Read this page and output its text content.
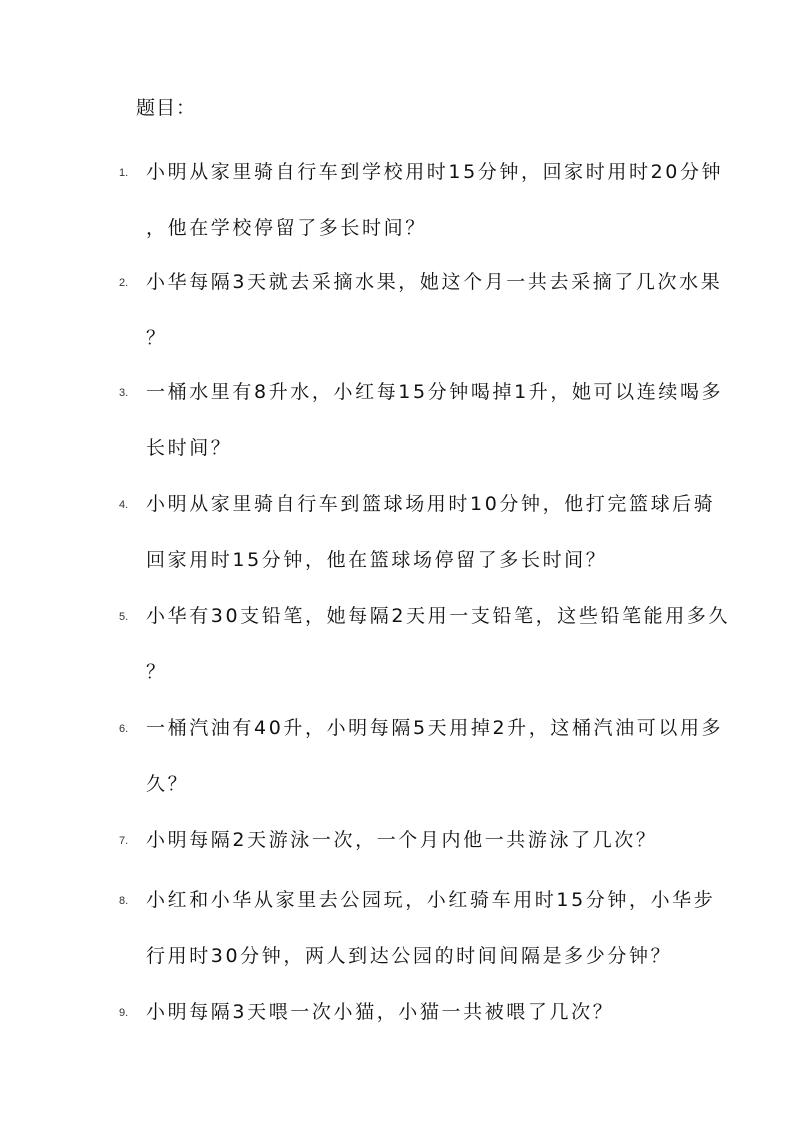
题目：
1. 小明从家里骑自行车到学校用时15分钟，回家时用时20分钟
，他在学校停留了多长时间？
2. 小华每隔3天就去采摘水果，她这个月一共去采摘了几次水果
？
3. 一桶水里有8升水，小红每15分钟喝掉1升，她可以连续喝多
长时间？
4. 小明从家里骑自行车到篮球场用时10分钟，他打完篮球后骑
回家用时15分钟，他在篮球场停留了多长时间？
5. 小华有30支铅笔，她每隔2天用一支铅笔，这些铅笔能用多久
？
6. 一桶汽油有40升，小明每隔5天用掉2升，这桶汽油可以用多
久？
7. 小明每隔2天游泳一次，一个月内他一共游泳了几次？
8. 小红和小华从家里去公园玩，小红骑车用时15分钟，小华步
行用时30分钟，两人到达公园的时间间隔是多少分钟？
9. 小明每隔3天喂一次小猫，小猫一共被喂了几次？
